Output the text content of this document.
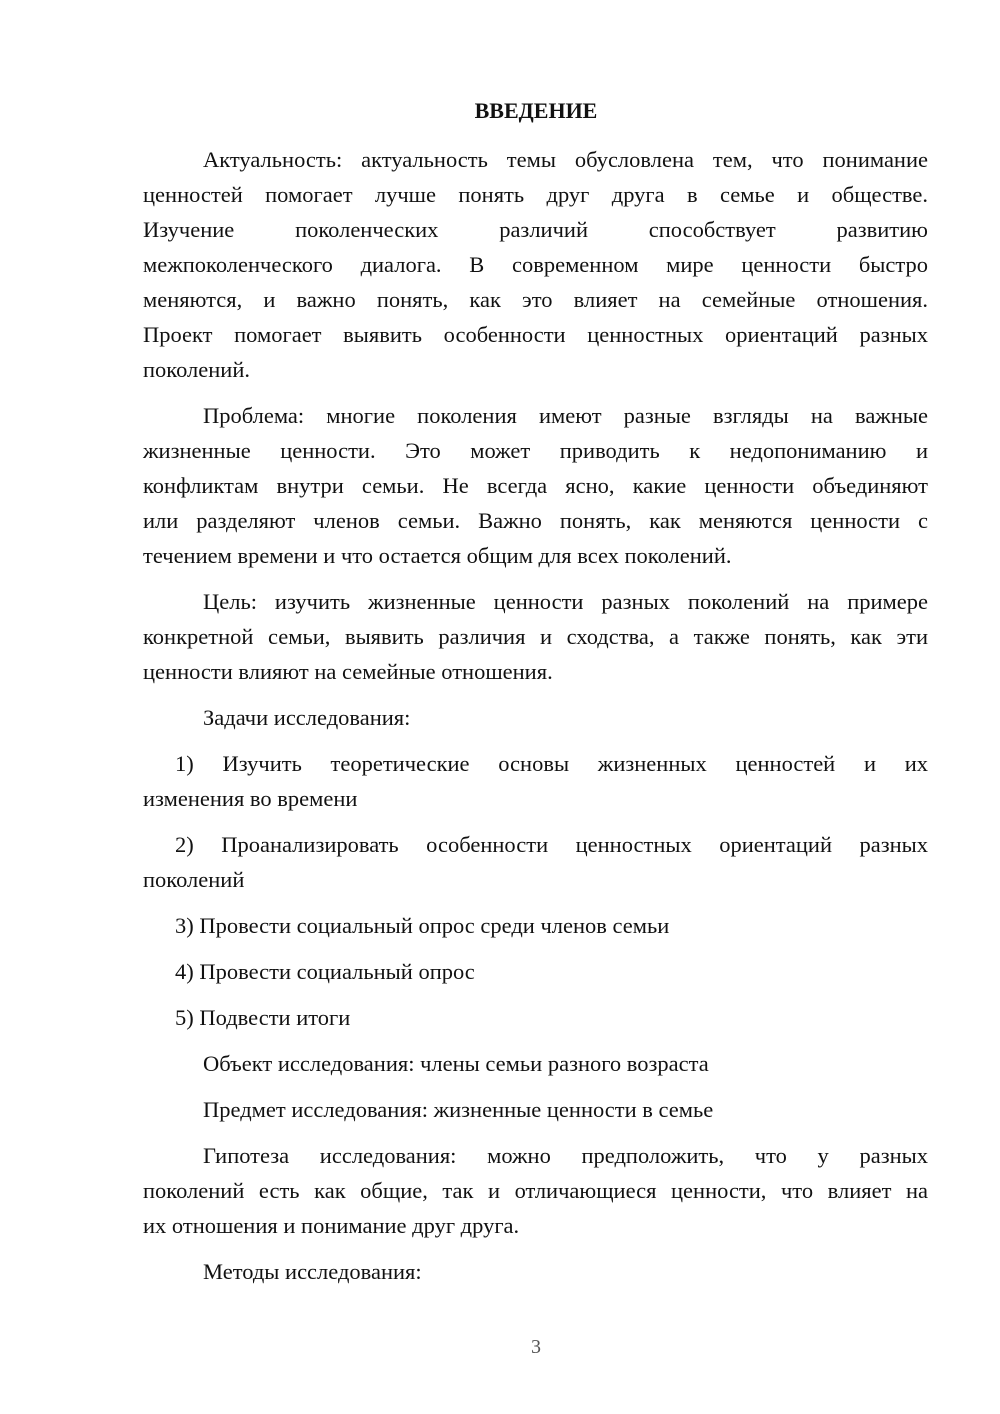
ВВЕДЕНИЕ
Актуальность: актуальность темы обусловлена тем, что понимание
ценностей помогает лучше понять друг друга в семье и обществе.
Изучение поколенческих различий способствует развитию
межпоколенческого диалога. В современном мире ценности быстро
меняются, и важно понять, как это влияет на семейные отношения.
Проект помогает выявить особенности ценностных ориентаций разных
поколений.
Проблема: многие поколения имеют разные взгляды на важные
жизненные ценности. Это может приводить к недопониманию и
конфликтам внутри семьи. Не всегда ясно, какие ценности объединяют
или разделяют членов семьи. Важно понять, как меняются ценности с
течением времени и что остается общим для всех поколений.
Цель: изучить жизненные ценности разных поколений на примере
конкретной семьи, выявить различия и сходства, а также понять, как эти
ценности влияют на семейные отношения.
Задачи исследования:
1) Изучить теоретические основы жизненных ценностей и их
изменения во времени
2) Проанализировать особенности ценностных ориентаций разных
поколений
3) Провести социальный опрос среди членов семьи
4) Провести социальный опрос
5) Подвести итоги
Объект исследования: члены семьи разного возраста
Предмет исследования: жизненные ценности в семье
Гипотеза исследования: можно предположить, что у разных
поколений есть как общие, так и отличающиеся ценности, что влияет на
их отношения и понимание друг друга.
Методы исследования:
3
